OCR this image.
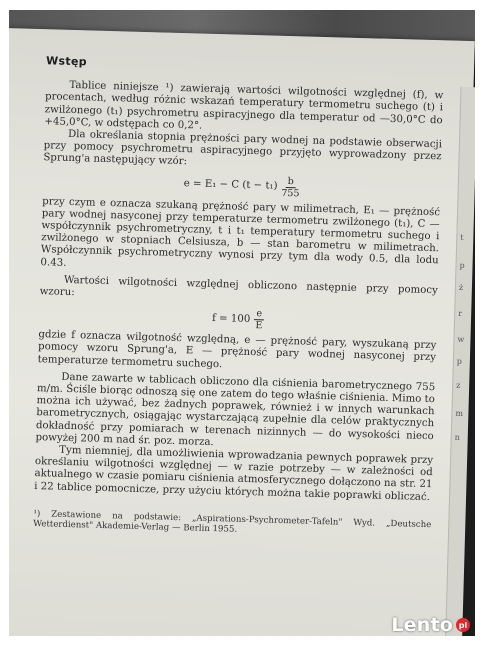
t
p
ż
r
w
p
z
m
n
Wstęp

Tablice niniejsze ¹) zawierają wartości wilgotności względnej (f), w procentach, według różnic wskazań temperatury termometru suchego (t) i zwilżonego (t₁) psychrometru aspiracyjnego dla temperatur od —30,0°C do +45,0°C, w odstępach co 0,2°.

Dla określania stopnia prężności pary wodnej na podstawie obserwacji przy pomocy psychrometru aspiracyjnego przyjęto wyprowadzony przez Sprung'a następujący wzór:

e = E₁ − C $(t - t_1) \frac{b}{755}$

przy czym e oznacza szukaną prężność pary w milimetrach, E₁ — prężność pary wodnej nasyconej przy temperaturze termometru zwilżonego (t₁), C — współczynnik psychrometryczny, t i t₁ temperatury termometru suchego i zwilżonego w stopniach Celsiusza, b — stan barometru w milimetrach. Współczynnik psychrometryczny wynosi przy tym dla wody 0.5, dla lodu 0.43.

Wartości wilgotności względnej obliczono następnie przy pomocy wzoru:

$f = 100 \frac{e}{E}$

gdzie f oznacza wilgotność względną, e — prężność pary, wyszukaną przy pomocy wzoru Sprung'a, E — prężność pary wodnej nasyconej przy temperaturze termometru suchego.

Dane zawarte w tablicach obliczono dla ciśnienia barometrycznego 755 m/m. Ściśle biorąc odnoszą się one zatem do tego właśnie ciśnienia. Mimo to można ich używać, bez żadnych poprawek, również i w innych warunkach barometrycznych, osiągając wystarczającą zupełnie dla celów praktycznych dokładność przy pomiarach w terenach nizinnych — do wysokości nieco powyżej 200 m nad śr. poz. morza.

Tym niemniej, dla umożliwienia wprowadzania pewnych poprawek przy określaniu wilgotności względnej — w razie potrzeby — w zależności od aktualnego w czasie pomiaru ciśnienia atmosferycznego dołączono na str. 21 i 22 tablice pomocnicze, przy użyciu których można takie poprawki obliczać.

¹) Zestawione na podstawie: „Aspirations-Psychrometer-Tafeln" Wyd. „Deutsche Wetterdienst" Akademie-Verlag — Berlin 1955.

Lento pl
